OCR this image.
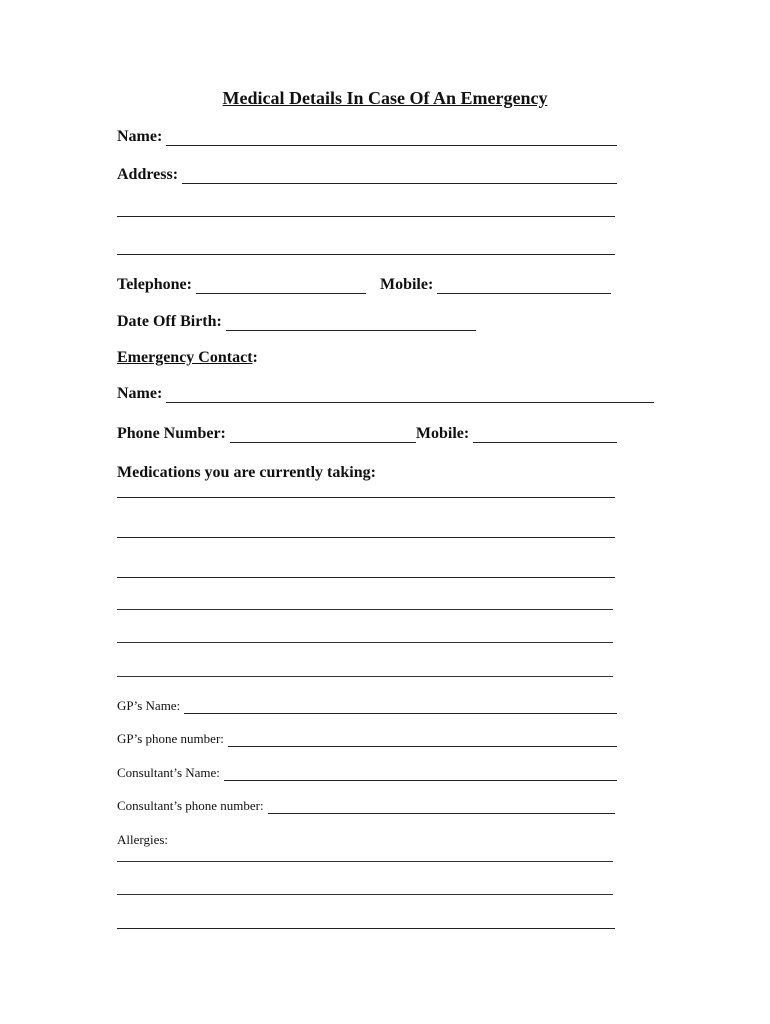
Medical Details In Case Of An Emergency
Name:
Address:
Telephone:	Mobile:
Date Off Birth:
Emergency Contact :
Name:
Phone Number:	Mobile:
Medications you are currently taking:
GP’s Name:
GP’s phone number:
Consultant’s Name:
Consultant’s phone number:
Allergies:
